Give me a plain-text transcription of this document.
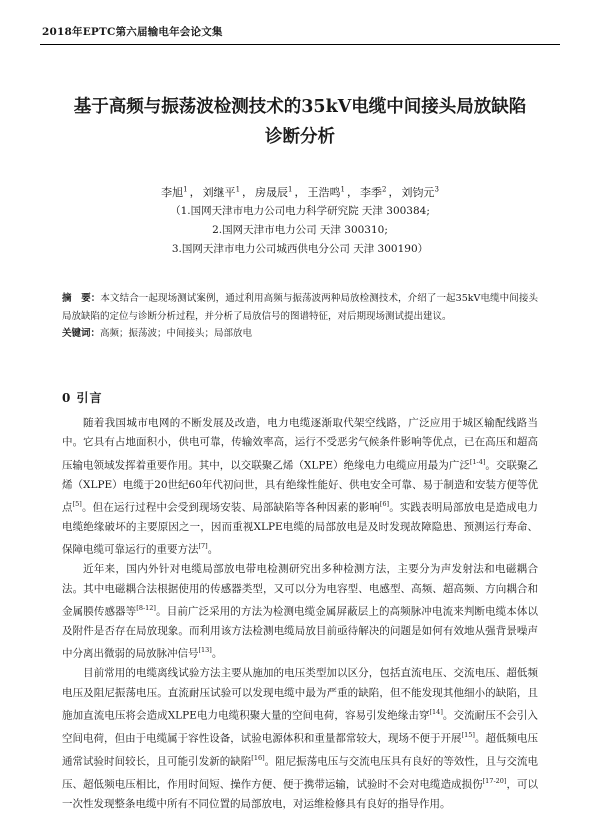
2018年EPTC第六届输电年会论文集
基于高频与振荡波检测技术的35kV电缆中间接头局放缺陷
诊断分析
李旭$^1$ ， 刘继平$^1$ ， 房晟辰$^1$ ， 王浩鸣$^1$ ， 李季$^2$ ， 刘钧元$^3$
（1.国网天津市电力公司电力科学研究院 天津 300384;
2.国网天津市电力公司 天津 300310;
3.国网天津市电力公司城西供电分公司 天津 300190）
摘　要：本文结合一起现场测试案例，通过利用高频与振荡波两种局放检测技术，介绍了一起35kV电缆中间接头局放缺陷的定位与诊断分析过程，并分析了局放信号的图谱特征，对后期现场测试提出建议。
关键词：高频；振荡波；中间接头；局部放电
0 引言

随着我国城市电网的不断发展及改造，电力电缆逐渐取代架空线路，广泛应用于城区输配线路当中。它具有占地面积小，供电可靠，传输效率高，运行不受恶劣气候条件影响等优点，已在高压和超高压输电领域发挥着重要作用。其中，以交联聚乙烯（XLPE）绝缘电力电缆应用最为广泛[1-4]。交联聚乙烯（XLPE）电缆于20世纪60年代初问世，具有绝缘性能好、供电安全可靠、易于制造和安装方便等优点[5]。但在运行过程中会受到现场安装、局部缺陷等各种因素的影响[6]。实践表明局部放电是造成电力电缆绝缘破坏的主要原因之一，因而重视XLPE电缆的局部放电是及时发现故障隐患、预测运行寿命、保障电缆可靠运行的重要方法[7]。

近年来，国内外针对电缆局部放电带电检测研究出多种检测方法，主要分为声发射法和电磁耦合法。其中电磁耦合法根据使用的传感器类型，又可以分为电容型、电感型、高频、超高频、方向耦合和金属膜传感器等[8-12]。目前广泛采用的方法为检测电缆金属屏蔽层上的高频脉冲电流来判断电缆本体以及附件是否存在局放现象。而利用该方法检测电缆局放目前亟待解决的问题是如何有效地从强背景噪声中分离出微弱的局放脉冲信号[13]。

目前常用的电缆离线试验方法主要从施加的电压类型加以区分，包括直流电压、交流电压、超低频电压及阻尼振荡电压。直流耐压试验可以发现电缆中最为严重的缺陷，但不能发现其他细小的缺陷，且施加直流电压将会造成XLPE电力电缆积聚大量的空间电荷，容易引发绝缘击穿[14]。交流耐压不会引入空间电荷，但由于电缆属于容性设备，试验电源体积和重量都常较大，现场不便于开展[15]。超低频电压通常试验时间较长，且可能引发新的缺陷[16]。阻尼振荡电压与交流电压具有良好的等效性，且与交流电压、超低频电压相比，作用时间短、操作方便、便于携带运输，试验时不会对电缆造成损伤[17-20]，可以一次性发现整条电缆中所有不同位置的局部放电，对运维检修具有良好的指导作用。
